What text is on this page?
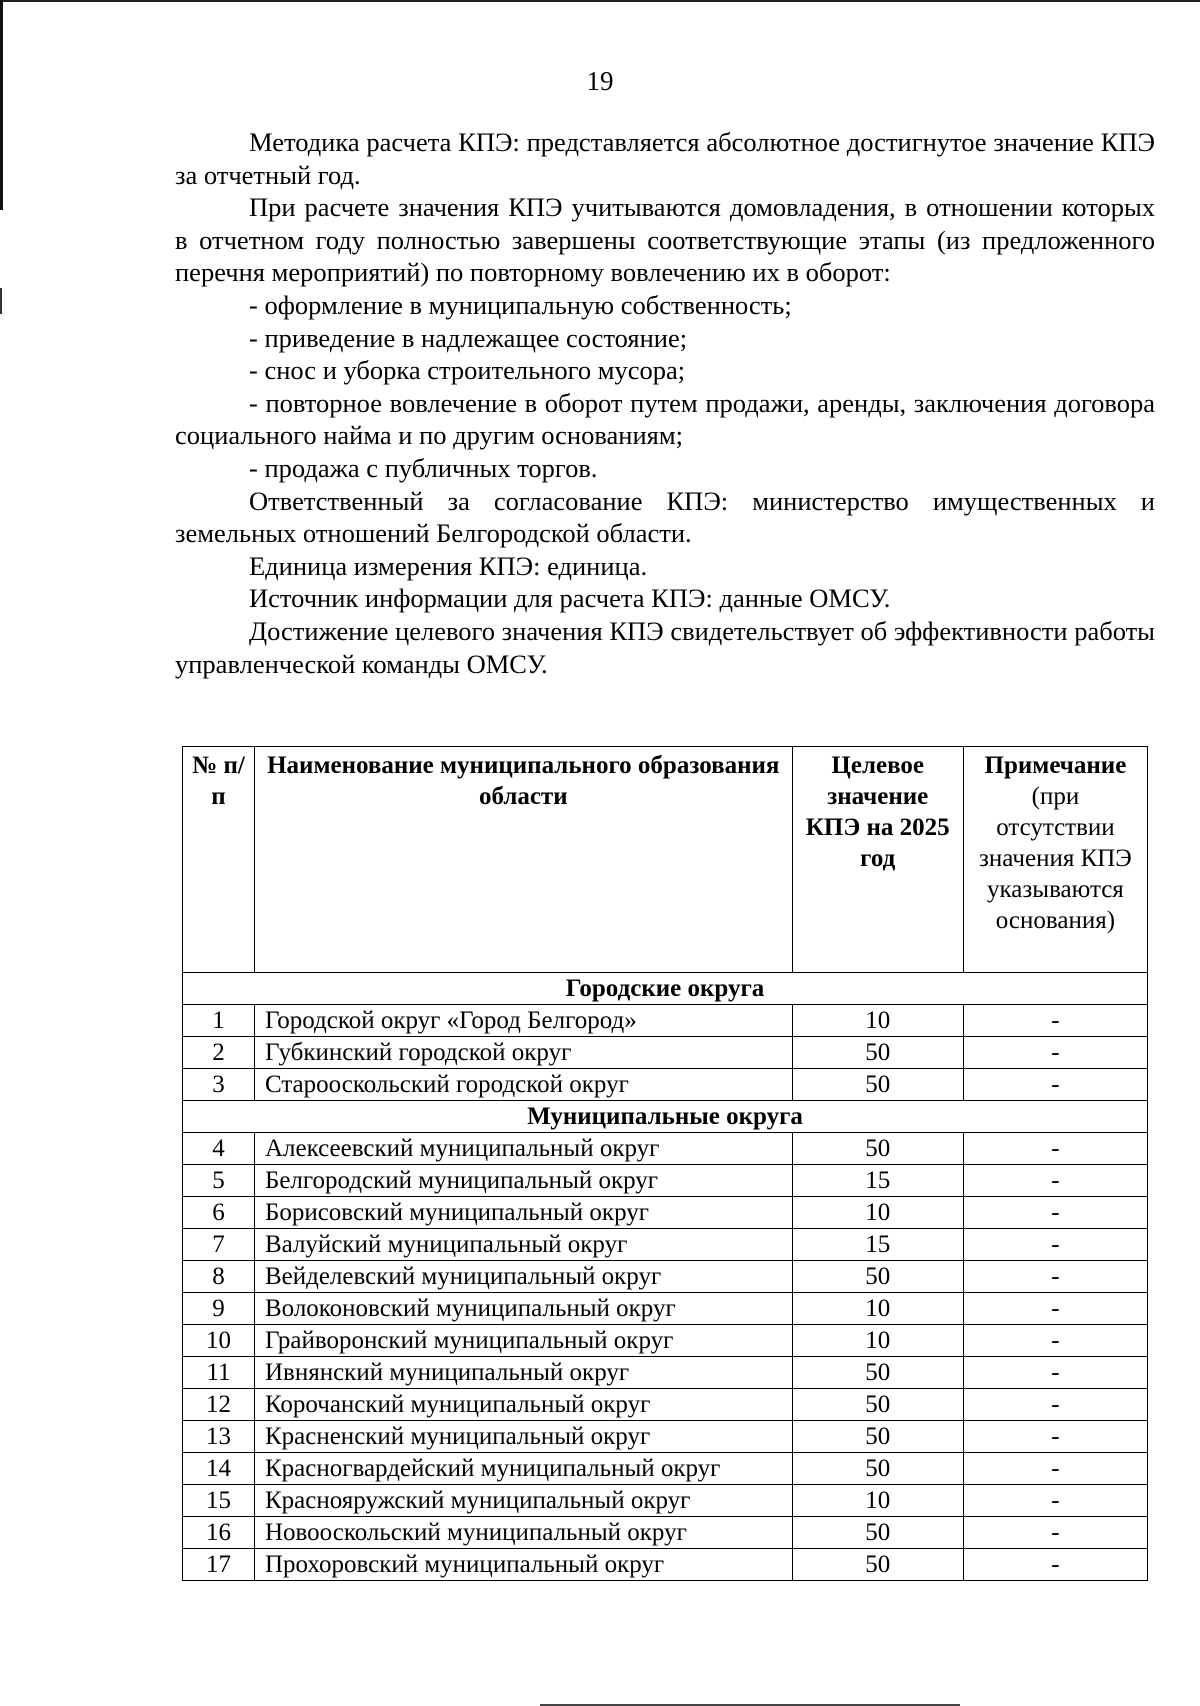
19

Методика расчета КПЭ: представляется абсолютное достигнутое значение КПЭ за отчетный год.

При расчете значения КПЭ учитываются домовладения, в отношении которых в отчетном году полностью завершены соответствующие этапы (из предложенного перечня мероприятий) по повторному вовлечению их в оборот:

- оформление в муниципальную собственность;

- приведение в надлежащее состояние;

- снос и уборка строительного мусора;

- повторное вовлечение в оборот путем продажи, аренды, заключения договора социального найма и по другим основаниям;

- продажа с публичных торгов.

Ответственный за согласование КПЭ: министерство имущественных и земельных отношений Белгородской области.

Единица измерения КПЭ: единица.

Источник информации для расчета КПЭ: данные ОМСУ.

Достижение целевого значения КПЭ свидетельствует об эффективности работы управленческой команды ОМСУ.

№ п/п	Наименование муниципального образования области	Целевое значение КПЭ на 2025 год	Примечание
(при отсутствии значения КПЭ указываются основания)

Городские округа			
1	Городской округ «Город Белгород»	10	-
2	Губкинский городской округ	50	-
3	Старооскольский городской округ	50	-
Муниципальные округа			
4	Алексеевский муниципальный округ	50	-
5	Белгородский муниципальный округ	15	-
6	Борисовский муниципальный округ	10	-
7	Валуйский муниципальный округ	15	-
8	Вейделевский муниципальный округ	50	-
9	Волоконовский муниципальный округ	10	-
10	Грайворонский муниципальный округ	10	-
11	Ивнянский муниципальный округ	50	-
12	Корочанский муниципальный округ	50	-
13	Красненский муниципальный округ	50	-
14	Красногвардейский муниципальный округ	50	-
15	Краснояружский муниципальный округ	10	-
16	Новооскольский муниципальный округ	50	-
17	Прохоровский муниципальный округ	50	-
